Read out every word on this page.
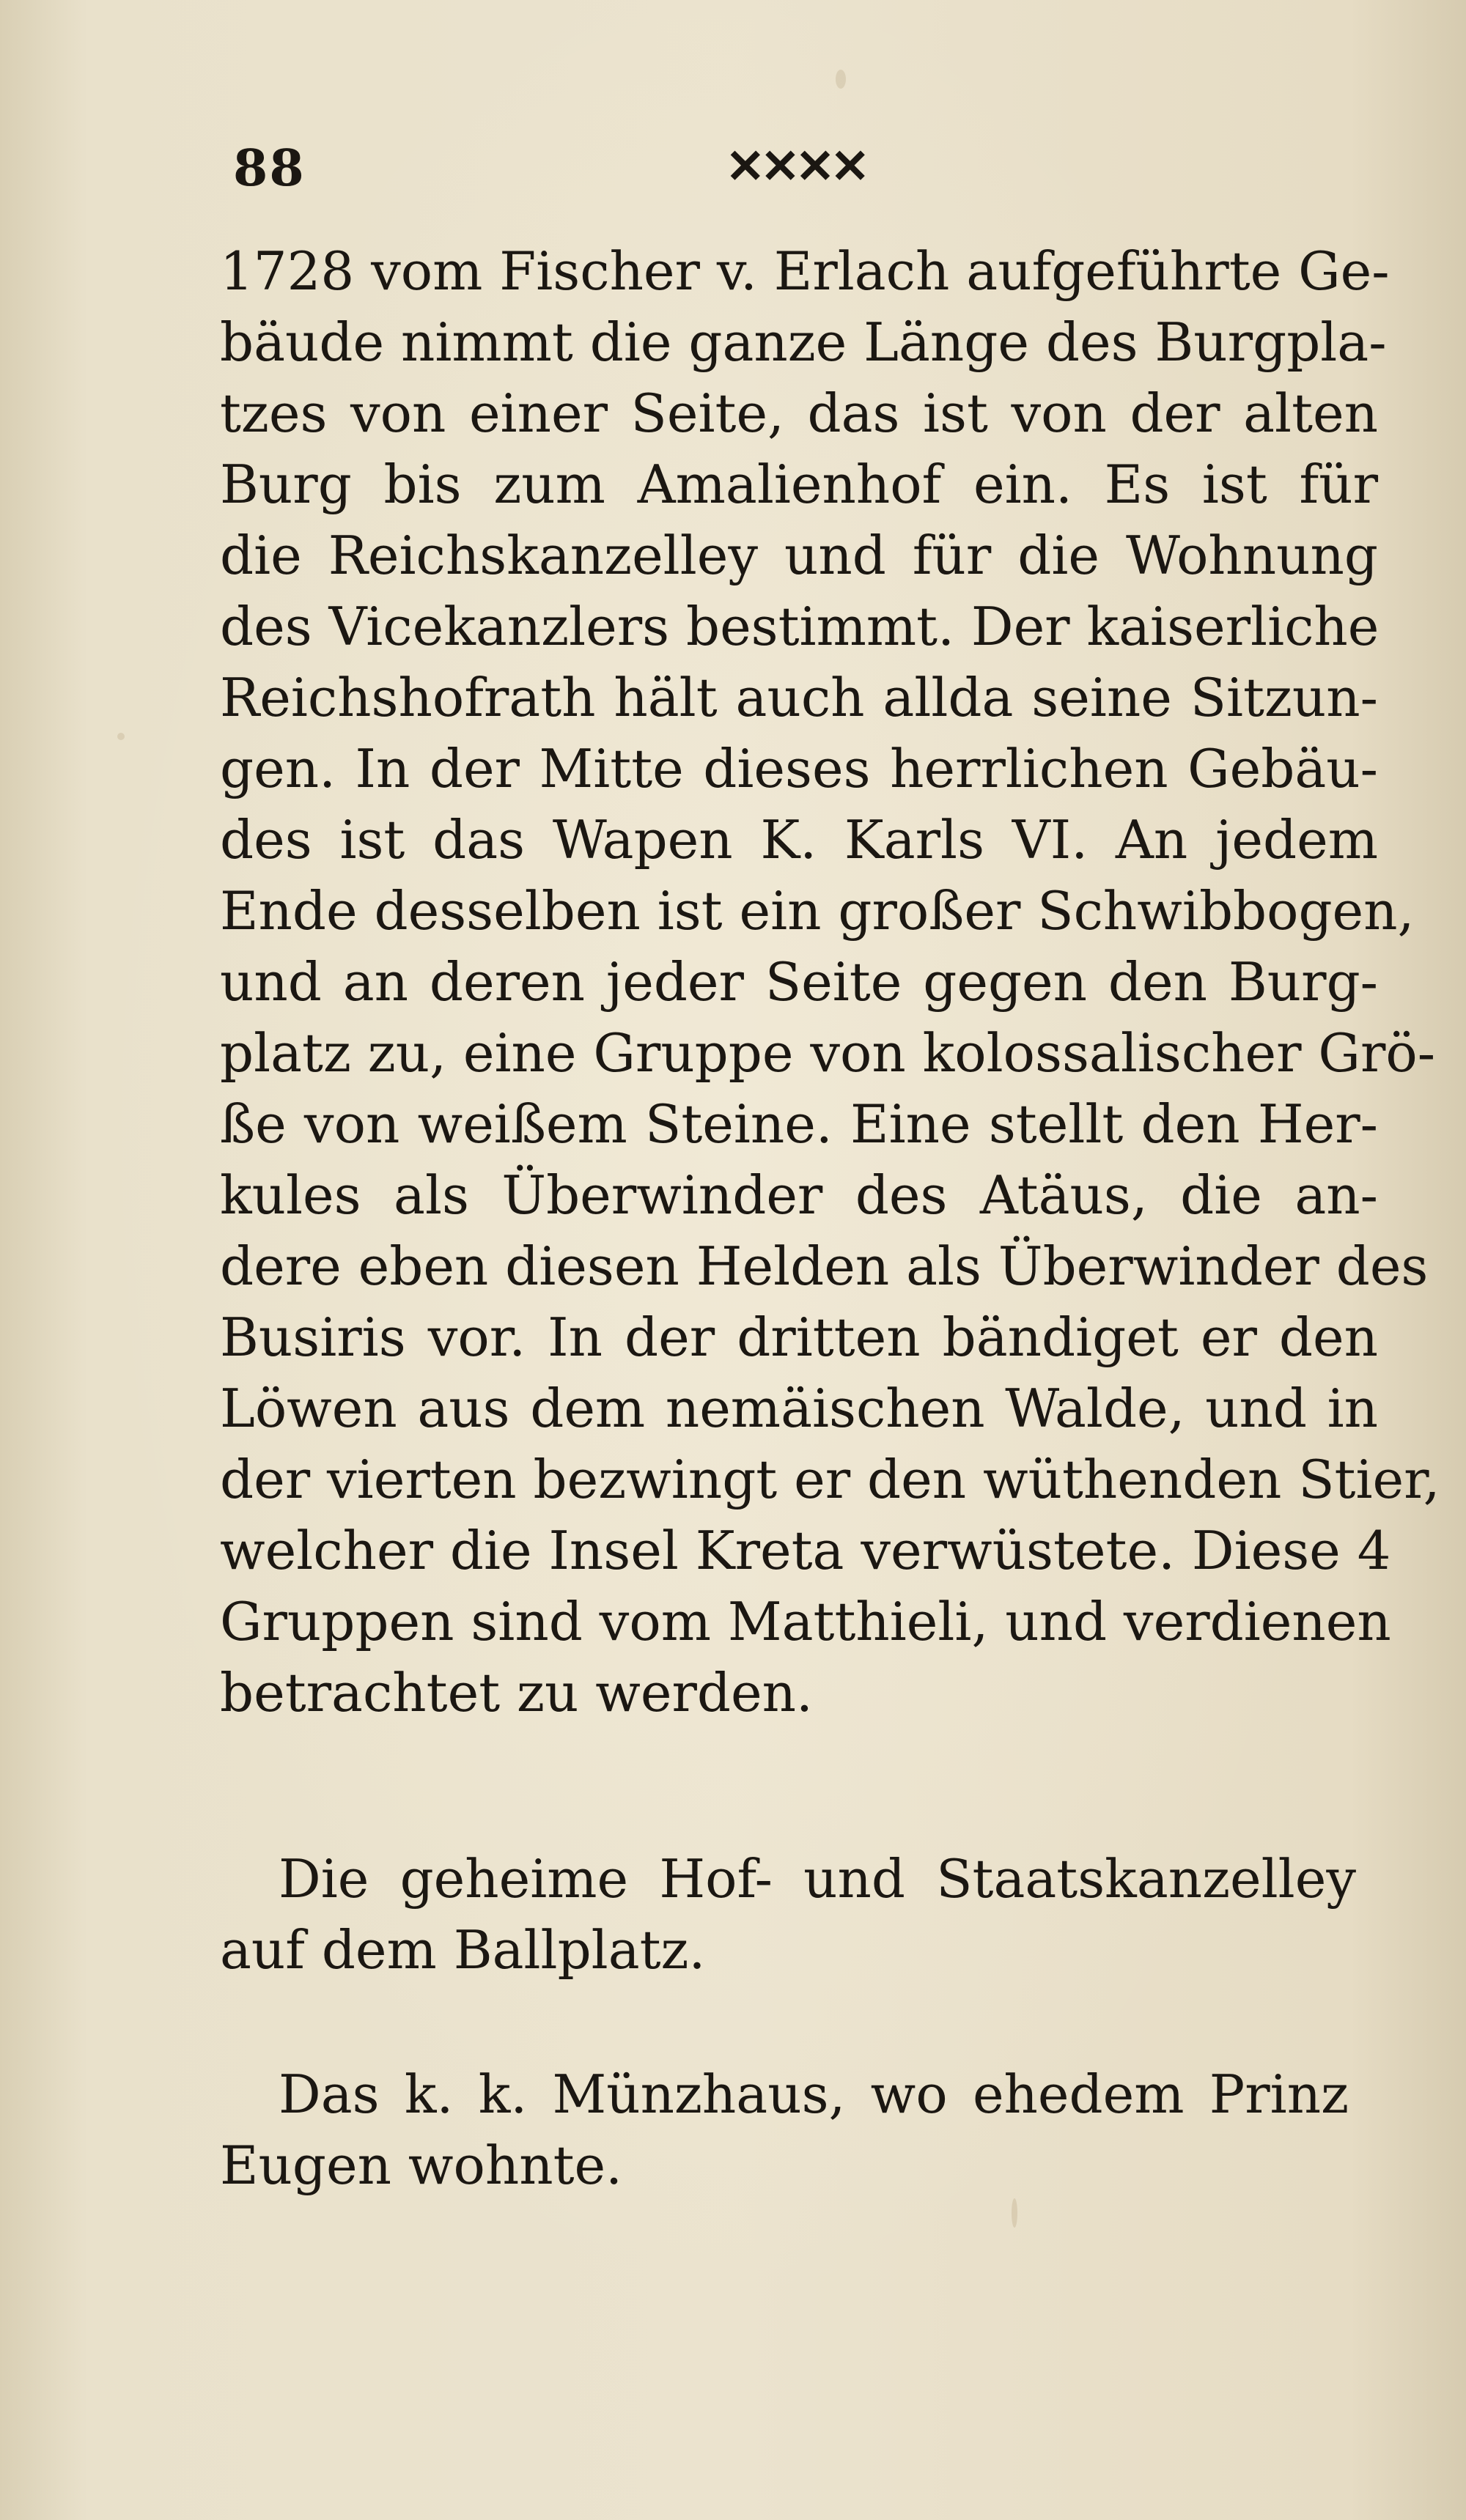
88	✕✕✕✕
1728 vom Fischer v. Erlach aufgeführte Ge-
bäude nimmt die ganze Länge des Burgpla-
tzes von einer Seite, das ist von der alten
Burg bis zum Amalienhof ein. Es ist für
die Reichskanzelley und für die Wohnung
des Vicekanzlers bestimmt. Der kaiserliche
Reichshofrath hält auch allda seine Sitzun-
gen. In der Mitte dieses herrlichen Gebäu-
des ist das Wapen K. Karls VI. An jedem
Ende desselben ist ein großer Schwibbogen,
und an deren jeder Seite gegen den Burg-
platz zu, eine Gruppe von kolossalischer Grö-
ße von weißem Steine. Eine stellt den Her-
kules als Überwinder des Atäus, die an-
dere eben diesen Helden als Überwinder des
Busiris vor. In der dritten bändiget er den
Löwen aus dem nemäischen Walde, und in
der vierten bezwingt er den wüthenden Stier,
welcher die Insel Kreta verwüstete. Diese 4
Gruppen sind vom Matthieli, und verdienen
betrachtet zu werden.
Die geheime Hof- und Staatskanzelley
auf dem Ballplatz.
Das k. k. Münzhaus, wo ehedem Prinz
Eugen wohnte.
